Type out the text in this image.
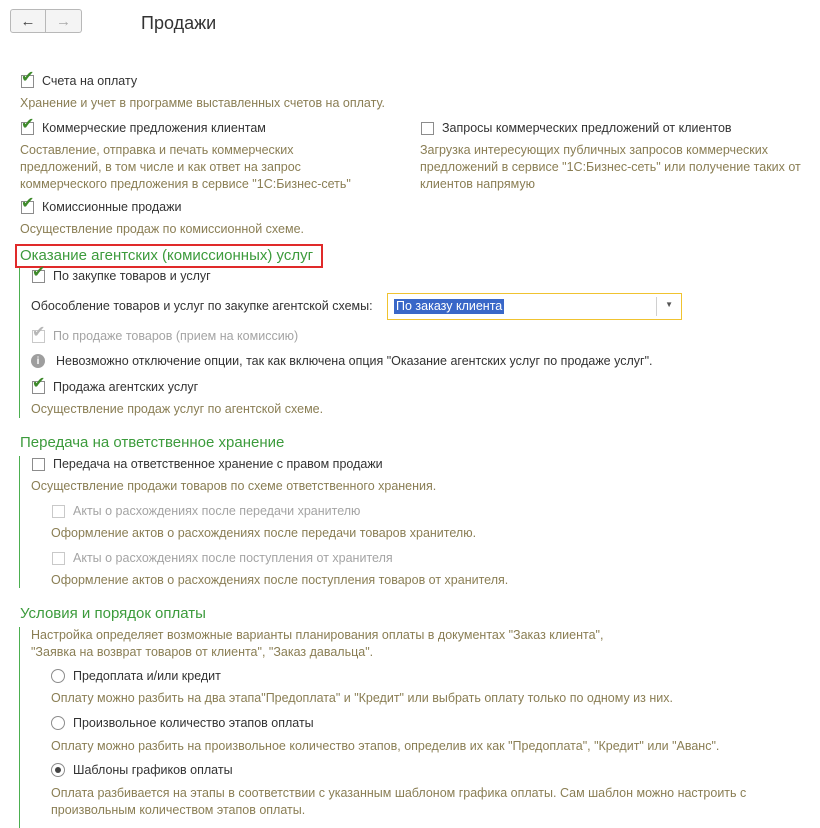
← →	Продажи
✔ Счета на оплату
Хранение и учет в программе выставленных счетов на оплату.
✔ Коммерческие предложения клиентам
Составление, отправка и печать коммерческих
предложений, в том числе и как ответ на запрос
коммерческого предложения в сервисе "1С:Бизнес-сеть"
Запросы коммерческих предложений от клиентов
Загрузка интересующих публичных запросов коммерческих
предложений в сервисе "1С:Бизнес-сеть" или получение таких от
клиентов напрямую
✔ Комиссионные продажи
Осуществление продаж по комиссионной схеме.
Оказание агентских (комиссионных) услуг
✔ По закупке товаров и услуг
Обособление товаров и услуг по закупке агентской схемы: По заказу клиента	▼
✔ По продаже товаров (прием на комиссию)
i	Невозможно отключение опции, так как включена опция "Оказание агентских услуг по продаже услуг".
✔ Продажа агентских услуг
Осуществление продаж услуг по агентской схеме.
Передача на ответственное хранение
Передача на ответственное хранение с правом продажи
Осуществление продажи товаров по схеме ответственного хранения.
Акты о расхождениях после передачи хранителю
Оформление актов о расхождениях после передачи товаров хранителю.
Акты о расхождениях после поступления от хранителя
Оформление актов о расхождениях после поступления товаров от хранителя.
Условия и порядок оплаты
Настройка определяет возможные варианты планирования оплаты в документах "Заказ клиента",
"Заявка на возврат товаров от клиента", "Заказ давальца".
Предоплата и/или кредит
Оплату можно разбить на два этапа"Предоплата" и "Кредит" или выбрать оплату только по одному из них.
Произвольное количество этапов оплаты
Оплату можно разбить на произвольное количество этапов, определив их как "Предоплата", "Кредит" или "Аванс".
Шаблоны графиков оплаты
Оплата разбивается на этапы в соответствии с указанным шаблоном графика оплаты. Сам шаблон можно настроить с
произвольным количеством этапов оплаты.
